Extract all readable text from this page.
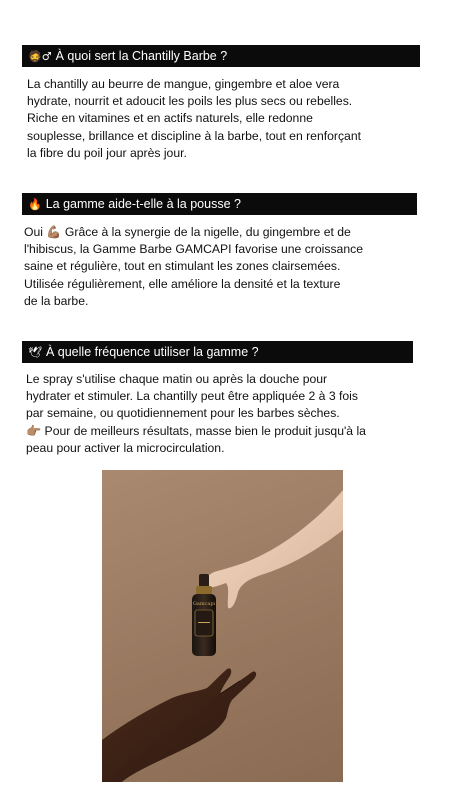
🧔♂ À quoi sert la Chantilly Barbe ?

La chantilly au beurre de mangue, gingembre et aloe vera

hydrate, nourrit et adoucit les poils les plus secs ou rebelles.

Riche en vitamines et en actifs naturels, elle redonne

souplesse, brillance et discipline à la barbe, tout en renforçant

la fibre du poil jour après jour.

🔥 La gamme aide-t-elle à la pousse ?

Oui 💪🏽 Grâce à la synergie de la nigelle, du gingembre et de

l'hibiscus, la Gamme Barbe GAMCAPI favorise une croissance

saine et régulière, tout en stimulant les zones clairsemées.

Utilisée régulièrement, elle améliore la densité et la texture

de la barbe.

🕊 À quelle fréquence utiliser la gamme ?

Le spray s'utilise chaque matin ou après la douche pour

hydrater et stimuler. La chantilly peut être appliquée 2 à 3 fois

par semaine, ou quotidiennement pour les barbes sèches.

👉🏽 Pour de meilleurs résultats, masse bien le produit jusqu'à la

peau pour activer la microcirculation.

Gamcapi
